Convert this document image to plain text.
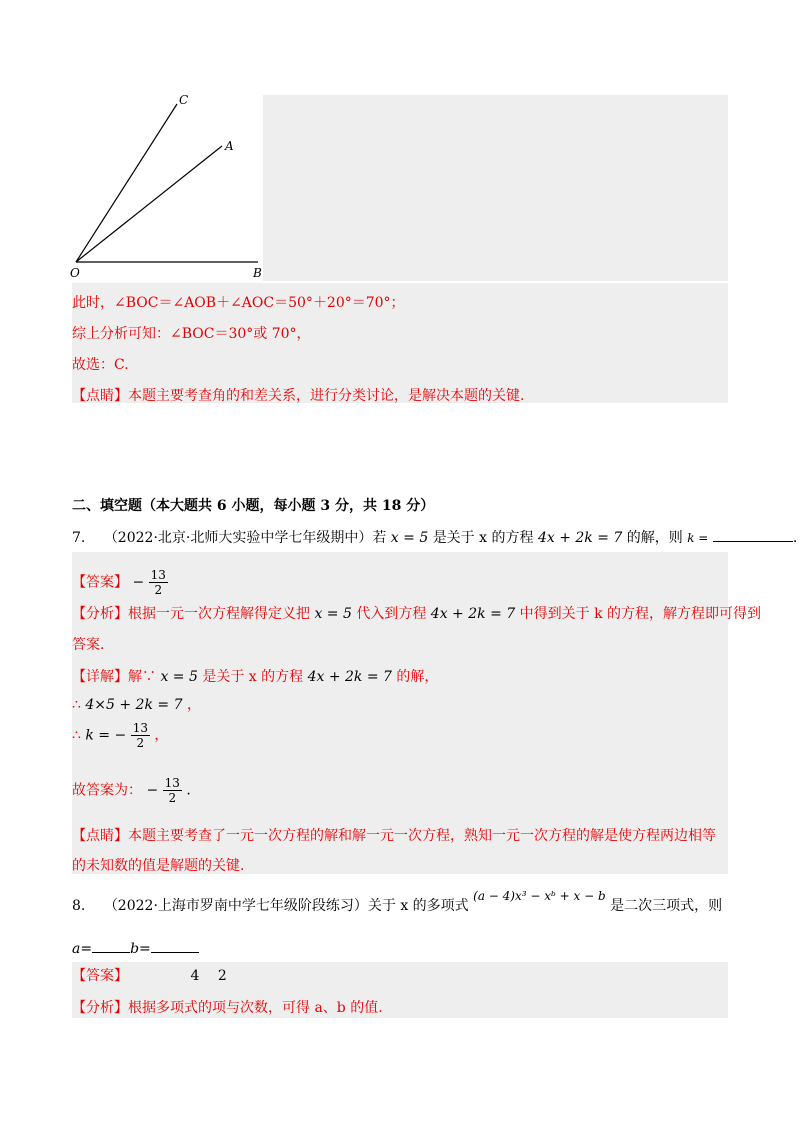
C
A
O	B
此时，∠BOC＝∠AOB＋∠AOC＝50°＋20°＝70°；
综上分析可知：∠BOC＝30°或 70°，
故选：C.
【点睛】本题主要考查角的和差关系，进行分类讨论，是解决本题的关键.
二、填空题（本大题共 6 小题，每小题 3 分，共 18 分）
7. （2022·北京·北师大实验中学七年级期中）若 x = 5 是关于 x 的方程 4x + 2k = 7 的解，则 k =	.
【答案】 − $\frac{13}{2}$
【分析】根据一元一次方程解得定义把 x = 5 代入到方程 4x + 2k = 7 中得到关于 k 的方程，解方程即可得到
答案.
【详解】解∵ x = 5 是关于 x 的方程 4x + 2k = 7 的解，
∴ 4×5 + 2k = 7 ，
∴ k = − $\frac{13}{2}$ ，
故答案为： − $\frac{13}{2}$ .
【点睛】本题主要考查了一元一次方程的解和解一元一次方程，熟知一元一次方程的解是使方程两边相等
的未知数的值是解题的关键.
8. （2022·上海市罗南中学七年级阶段练习）关于 x 的多项式 (a − 4)x³ − xᵇ + x − b 是二次三项式，则
a=	b=
【答案】	4 2
【分析】根据多项式的项与次数，可得 a、b 的值.
